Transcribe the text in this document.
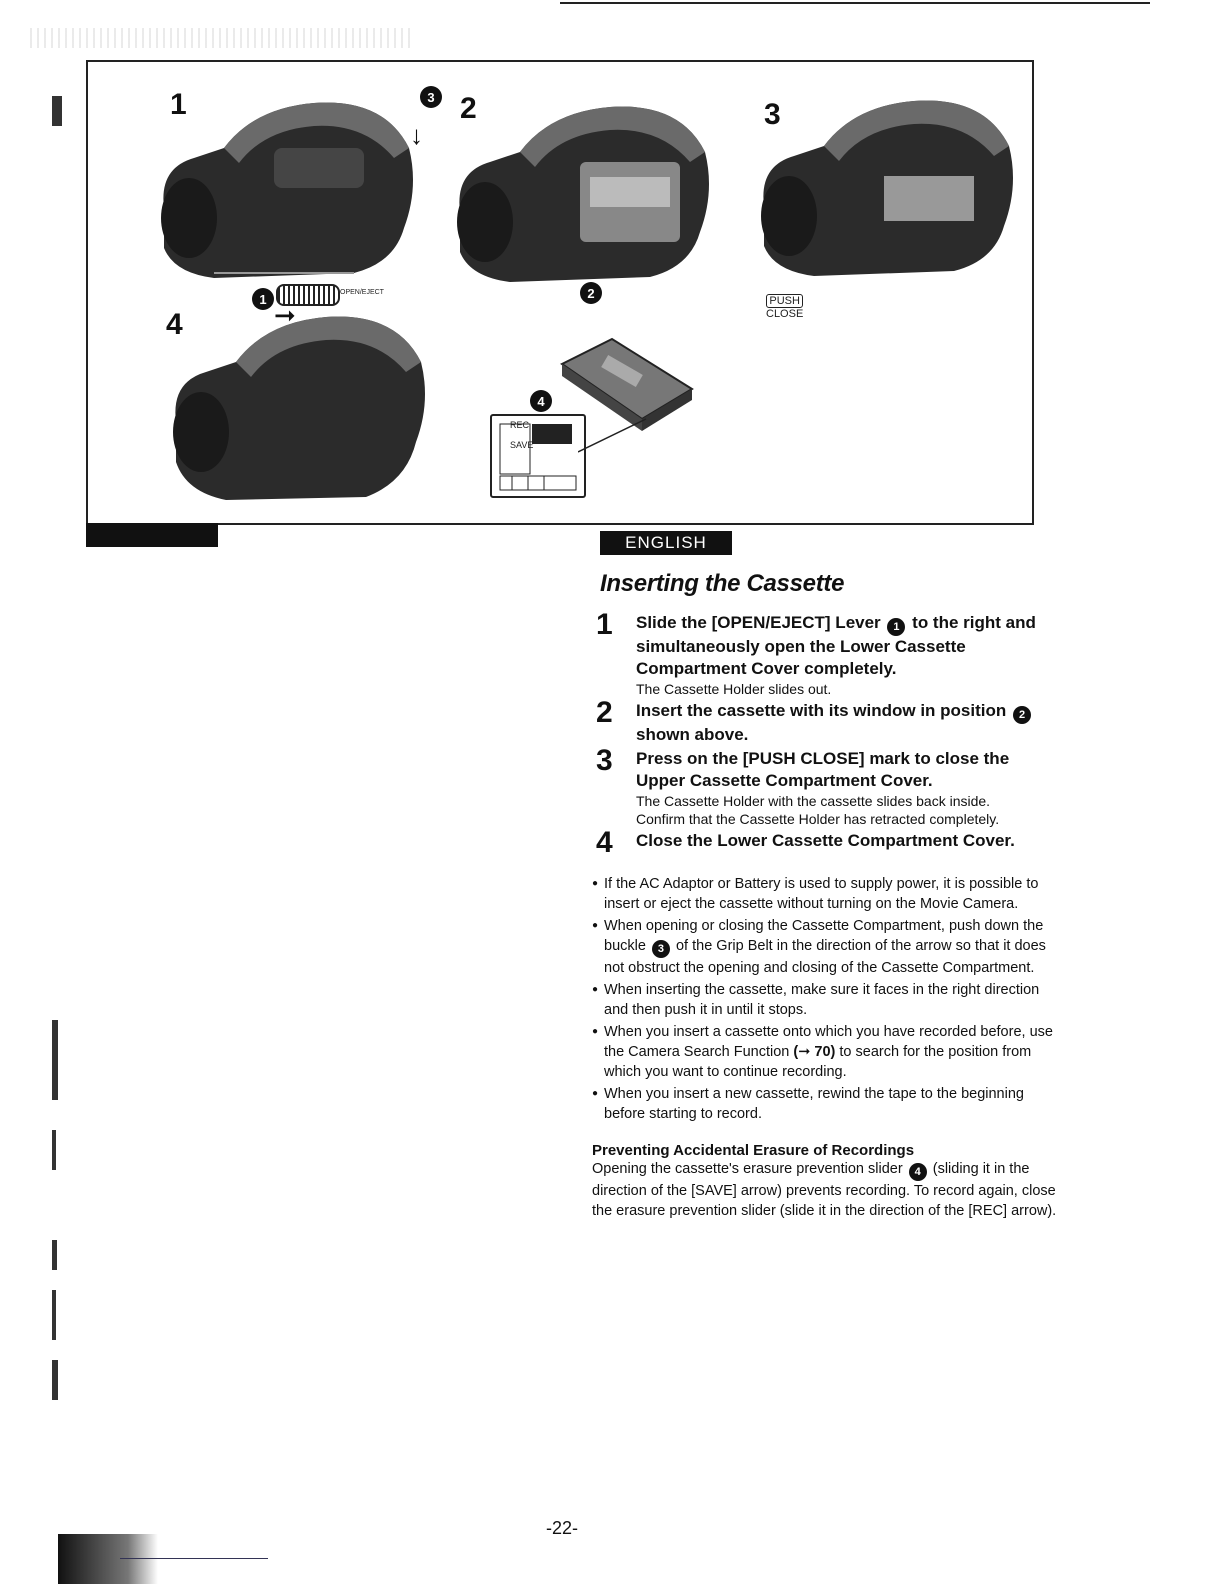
1	2	3
4
REC
SAVE
3
1	2
4
OPEN/EJECT
➞
↓
PUSH
CLOSE
ENGLISH
Inserting the Cassette
1 Slide the [OPEN/EJECT] Lever 1 to the right and simultaneously open the Lower Cassette Compartment Cover completely.

The Cassette Holder slides out.

2 Insert the cassette with its window in position 2 shown above.
3 Press on the [PUSH CLOSE] mark to close the Upper Cassette Compartment Cover.

The Cassette Holder with the cassette slides back inside.

Confirm that the Cassette Holder has retracted completely.

4 Close the Lower Cassette Compartment Cover.
● If the AC Adaptor or Battery is used to supply power, it is possible to insert or eject the cassette without turning on the Movie Camera.
● When opening or closing the Cassette Compartment, push down the buckle 3 of the Grip Belt in the direction of the arrow so that it does not obstruct the opening and closing of the Cassette Compartment.
● When inserting the cassette, make sure it faces in the right direction and then push it in until it stops.
● When you insert a cassette onto which you have recorded before, use the Camera Search Function (➞ 70) to search for the position from which you want to continue recording.
● When you insert a new cassette, rewind the tape to the beginning before starting to record.
Preventing Accidental Erasure of Recordings

Opening the cassette's erasure prevention slider 4 (sliding it in the direction of the [SAVE] arrow) prevents recording. To record again, close the erasure prevention slider (slide it in the direction of the [REC] arrow).

-22-
